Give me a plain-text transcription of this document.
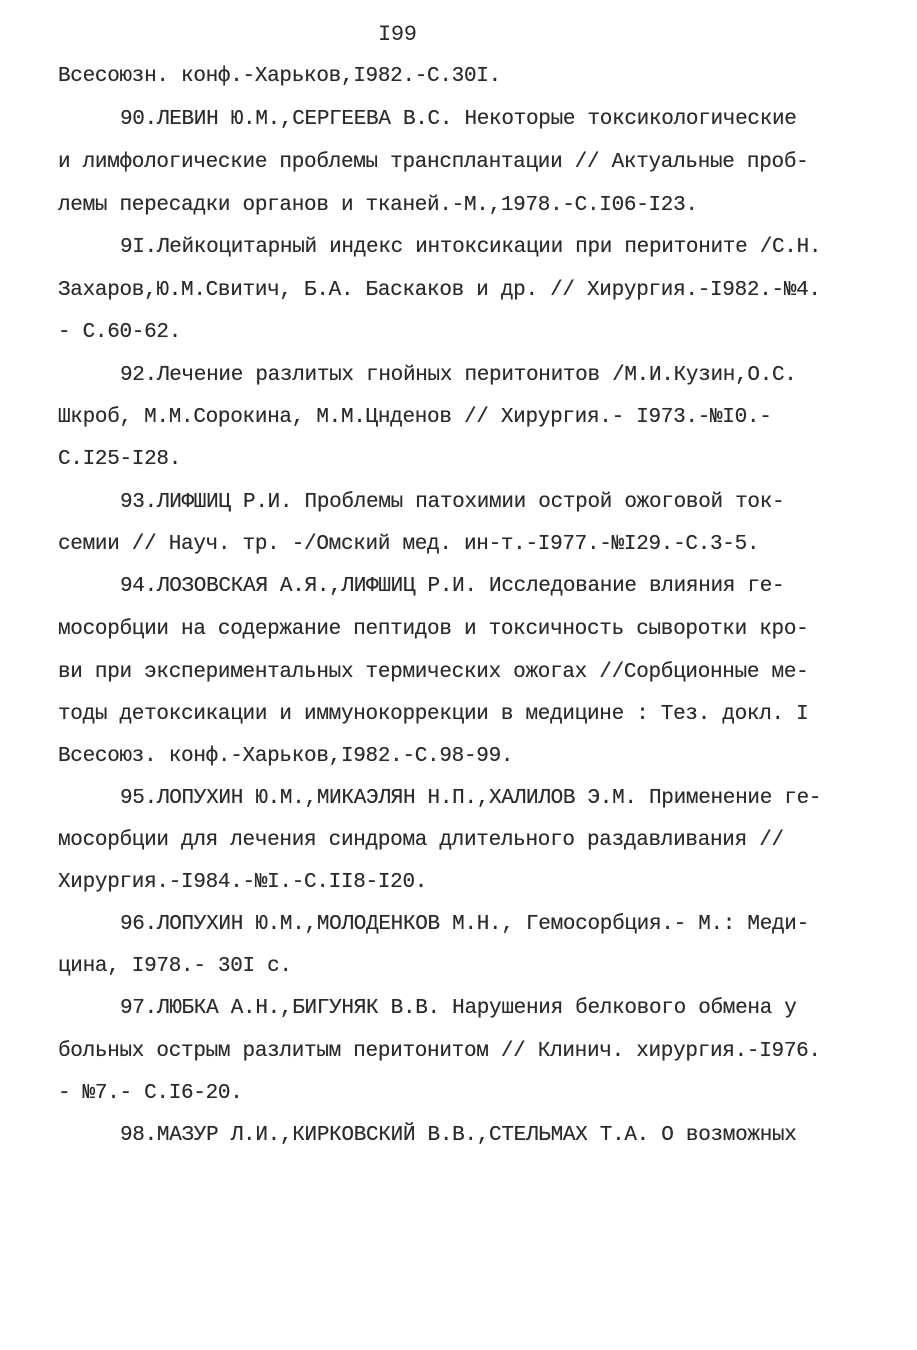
I99
Всесоюзн. конф.-Харьков,I982.-С.30I.
90.ЛЕВИН Ю.М.,СЕРГЕЕВА В.С. Некоторые токсикологические
и лимфологические проблемы трансплантации // Актуальные проб-
лемы пересадки органов и тканей.-М.,1978.-С.I06-I23.
9I.Лейкоцитарный индекс интоксикации при перитоните /С.Н.
Захаров,Ю.М.Свитич, Б.А. Баскаков и др. // Хирургия.-I982.-№4.
- С.60-62.
92.Лечение разлитых гнойных перитонитов /М.И.Кузин,О.С.
Шкроб, М.М.Сорокина, М.М.Цнденов // Хирургия.- I973.-№I0.-
С.I25-I28.
93.ЛИФШИЦ Р.И. Проблемы патохимии острой ожоговой ток-
семии // Науч. тр. -/Омский мед. ин-т.-I977.-№I29.-С.3-5.
94.ЛОЗОВСКАЯ А.Я.,ЛИФШИЦ Р.И. Исследование влияния ге-
мосорбции на содержание пептидов и токсичность сыворотки кро-
ви при экспериментальных термических ожогах //Сорбционные ме-
тоды детоксикации и иммунокоррекции в медицине : Тез. докл. I
Всесоюз. конф.-Харьков,I982.-С.98-99.
95.ЛОПУХИН Ю.М.,МИКАЭЛЯН Н.П.,ХАЛИЛОВ Э.М. Применение ге-
мосорбции для лечения синдрома длительного раздавливания //
Хирургия.-I984.-№I.-С.II8-I20.
96.ЛОПУХИН Ю.М.,МОЛОДЕНКОВ М.Н., Гемосорбция.- М.: Меди-
цина, I978.- 30I с.
97.ЛЮБКА А.Н.,БИГУНЯК В.В. Нарушения белкового обмена у
больных острым разлитым перитонитом // Клинич. хирургия.-I976.
- №7.- С.I6-20.
98.МАЗУР Л.И.,КИРКОВСКИЙ В.В.,СТЕЛЬМАХ Т.А. О возможных
